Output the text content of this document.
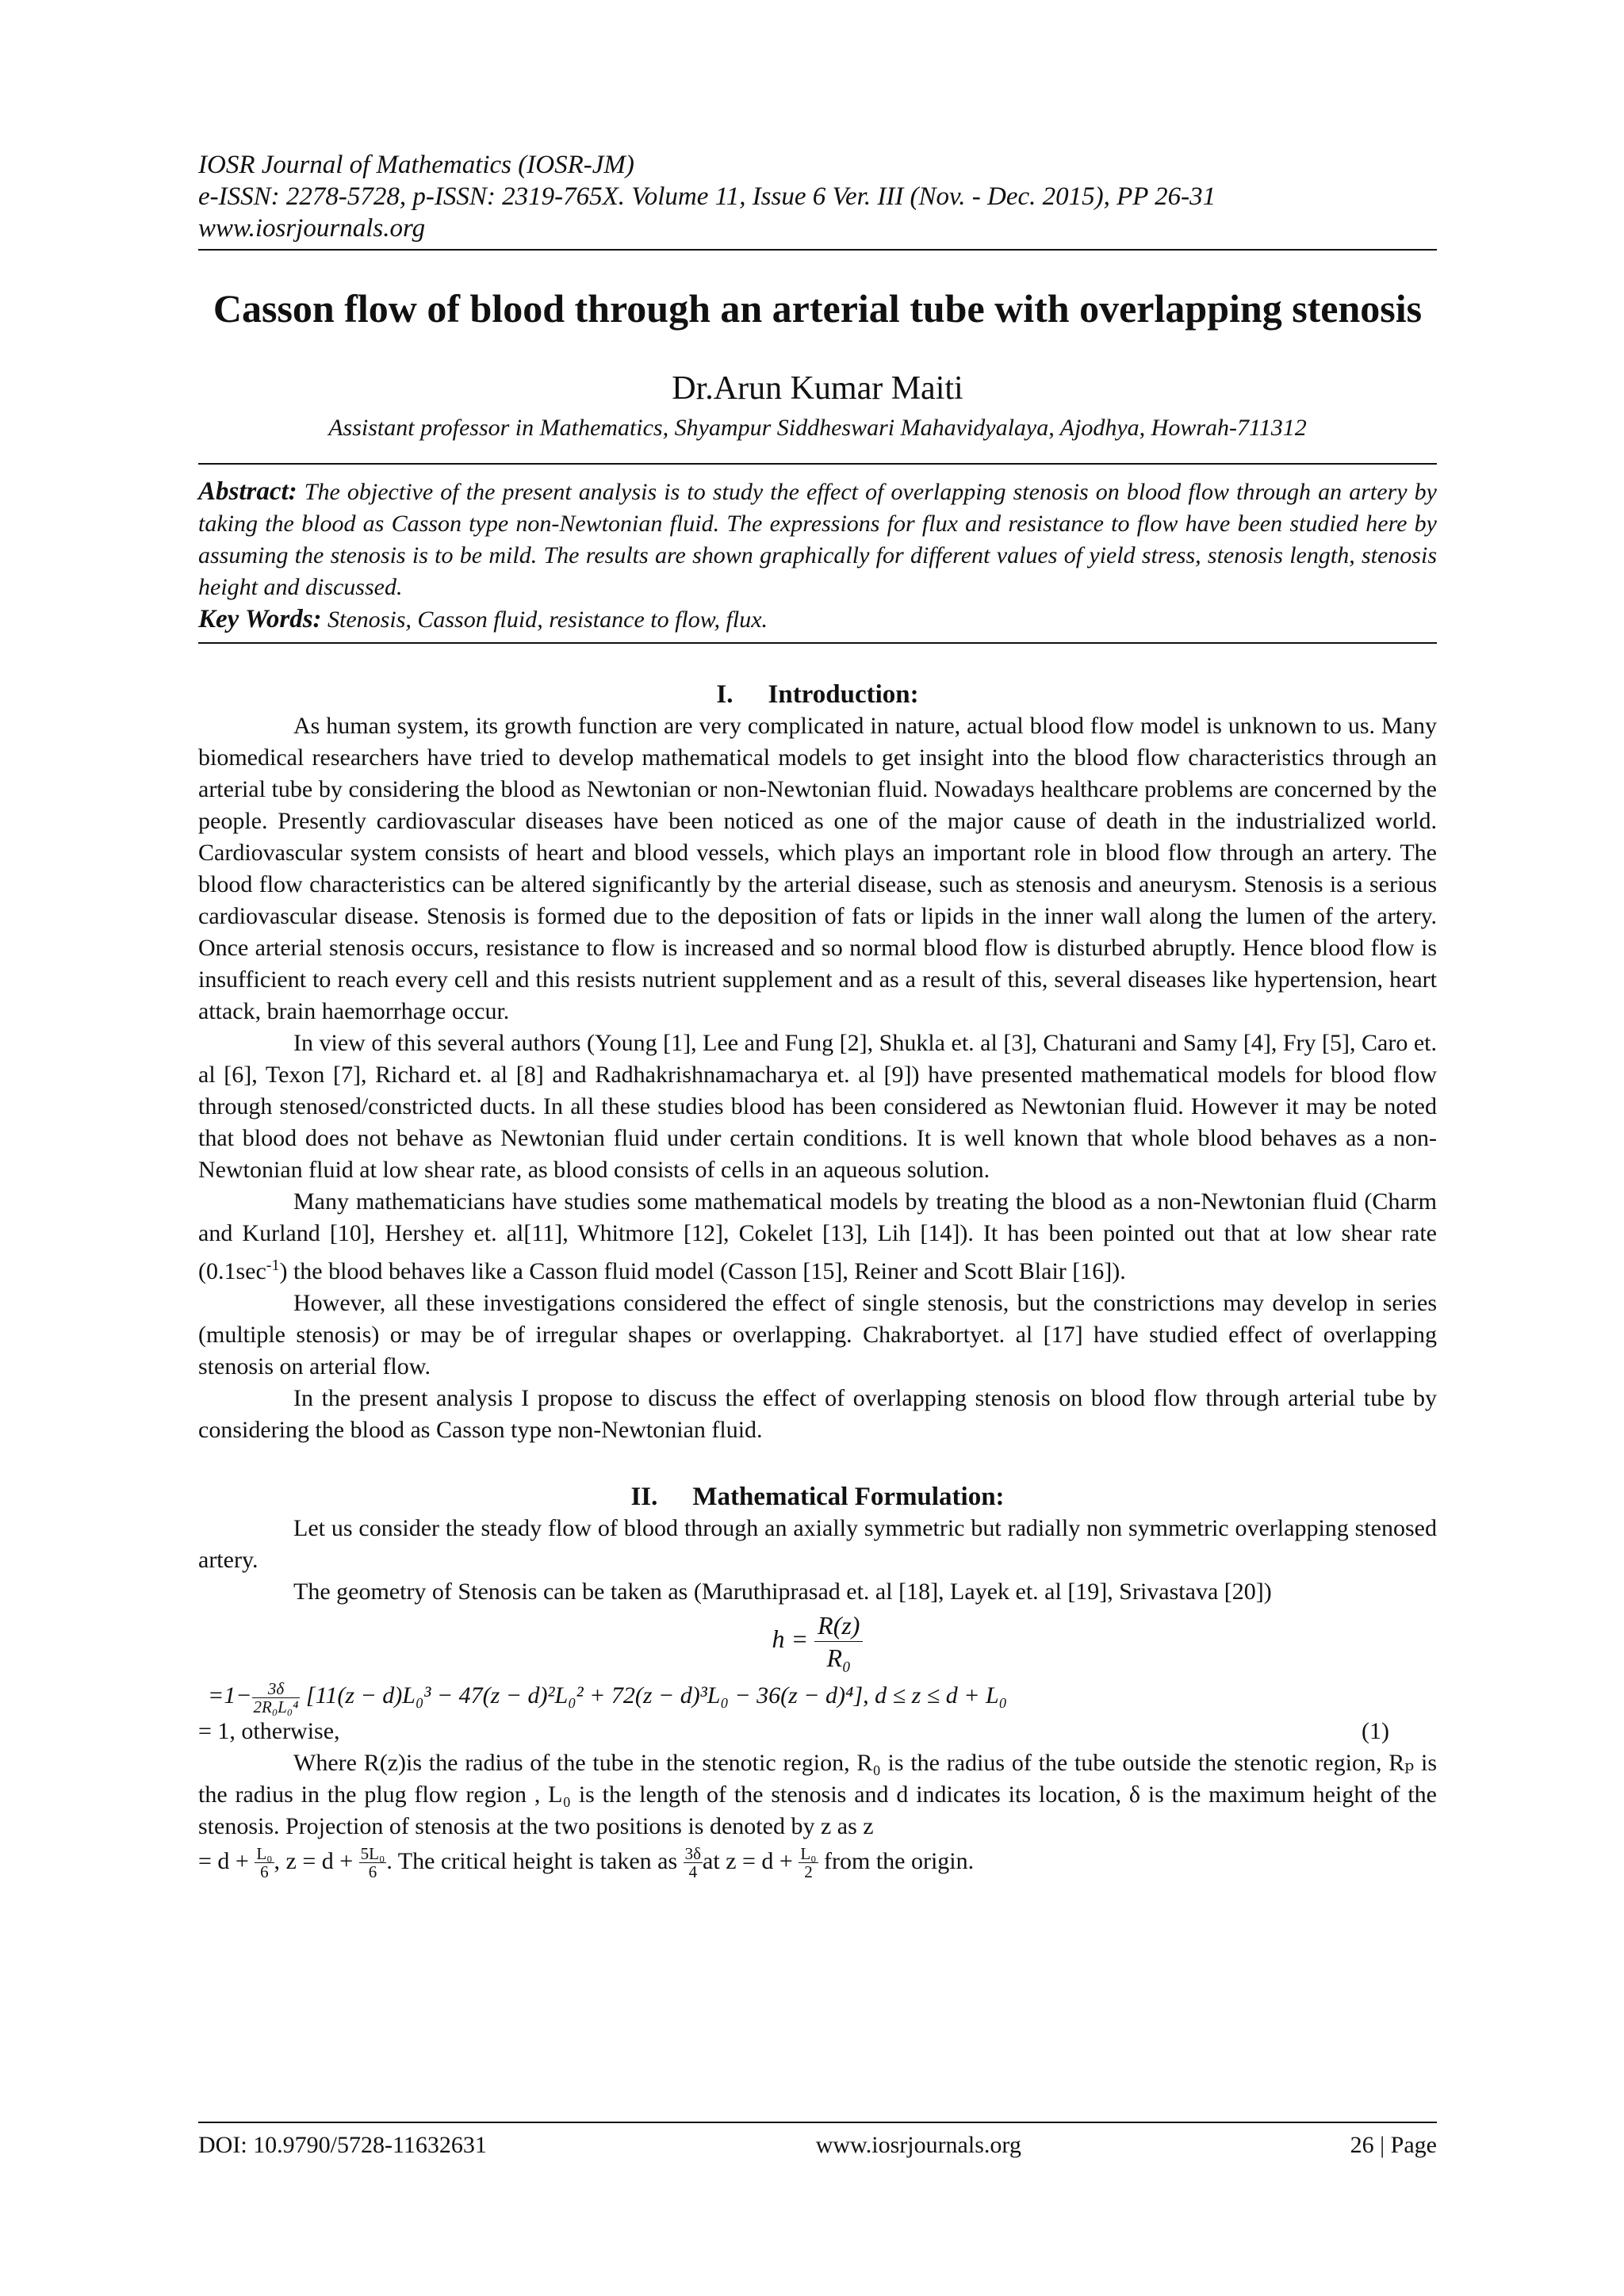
IOSR Journal of Mathematics (IOSR-JM)
e-ISSN: 2278-5728, p-ISSN: 2319-765X. Volume 11, Issue 6 Ver. III (Nov. - Dec. 2015), PP 26-31
www.iosrjournals.org
Casson flow of blood through an arterial tube with overlapping stenosis
Dr.Arun Kumar Maiti
Assistant professor in Mathematics, Shyampur Siddheswari Mahavidyalaya, Ajodhya, Howrah-711312
Abstract: The objective of the present analysis is to study the effect of overlapping stenosis on blood flow through an artery by taking the blood as Casson type non-Newtonian fluid. The expressions for flux and resistance to flow have been studied here by assuming the stenosis is to be mild. The results are shown graphically for different values of yield stress, stenosis length, stenosis height and discussed.
Key Words: Stenosis, Casson fluid, resistance to flow, flux.
I. Introduction:

As human system, its growth function are very complicated in nature, actual blood flow model is unknown to us. Many biomedical researchers have tried to develop mathematical models to get insight into the blood flow characteristics through an arterial tube by considering the blood as Newtonian or non-Newtonian fluid. Nowadays healthcare problems are concerned by the people. Presently cardiovascular diseases have been noticed as one of the major cause of death in the industrialized world. Cardiovascular system consists of heart and blood vessels, which plays an important role in blood flow through an artery. The blood flow characteristics can be altered significantly by the arterial disease, such as stenosis and aneurysm. Stenosis is a serious cardiovascular disease. Stenosis is formed due to the deposition of fats or lipids in the inner wall along the lumen of the artery. Once arterial stenosis occurs, resistance to flow is increased and so normal blood flow is disturbed abruptly. Hence blood flow is insufficient to reach every cell and this resists nutrient supplement and as a result of this, several diseases like hypertension, heart attack, brain haemorrhage occur.

In view of this several authors (Young [1], Lee and Fung [2], Shukla et. al [3], Chaturani and Samy [4], Fry [5], Caro et. al [6], Texon [7], Richard et. al [8] and Radhakrishnamacharya et. al [9]) have presented mathematical models for blood flow through stenosed/constricted ducts. In all these studies blood has been considered as Newtonian fluid. However it may be noted that blood does not behave as Newtonian fluid under certain conditions. It is well known that whole blood behaves as a non-Newtonian fluid at low shear rate, as blood consists of cells in an aqueous solution.

Many mathematicians have studies some mathematical models by treating the blood as a non-Newtonian fluid (Charm and Kurland [10], Hershey et. al[11], Whitmore [12], Cokelet [13], Lih [14]). It has been pointed out that at low shear rate $(0.1\sec^{-1})$ the blood behaves like a Casson fluid model (Casson [15], Reiner and Scott Blair [16]).

However, all these investigations considered the effect of single stenosis, but the constrictions may develop in series (multiple stenosis) or may be of irregular shapes or overlapping. Chakrabortyet. al [17] have studied effect of overlapping stenosis on arterial flow.

In the present analysis I propose to discuss the effect of overlapping stenosis on blood flow through arterial tube by considering the blood as Casson type non-Newtonian fluid.

II. Mathematical Formulation:

Let us consider the steady flow of blood through an axially symmetric but radially non symmetric overlapping stenosed artery.

The geometry of Stenosis can be taken as (Maruthiprasad et. al [18], Layek et. al [19], Srivastava [20])

$h = \frac{R(z)}{\text{R₀}}$
$=1- \frac{3\delta}{\text{2R₀L₀⁴}} [11(z - d)L_0^3 - 47(z - d)^2L_0^2 + 72(z - d)^3L_0 - 36(z - d)^4]$, d ≤ z ≤ d + L₀
= 1, otherwise,	(1)

Where R(z)is the radius of the tube in the stenotic region, R₀ is the radius of the tube outside the stenotic region, Rₚ is the radius in the plug flow region , L₀ is the length of the stenosis and d indicates its location, δ is the maximum height of the stenosis. Projection of stenosis at the two positions is denoted by z as z

= $d + \frac{\text{L₀}}{6}$ , $z = d + \frac{\text{5L₀}}{6}$ . The critical height is taken as $\frac{3\delta}{4}$ at $z = d + \frac{\text{L₀}}{2}$ from the origin.

DOI: 10.9790/5728-11632631	www.iosrjournals.org	26 | Page
